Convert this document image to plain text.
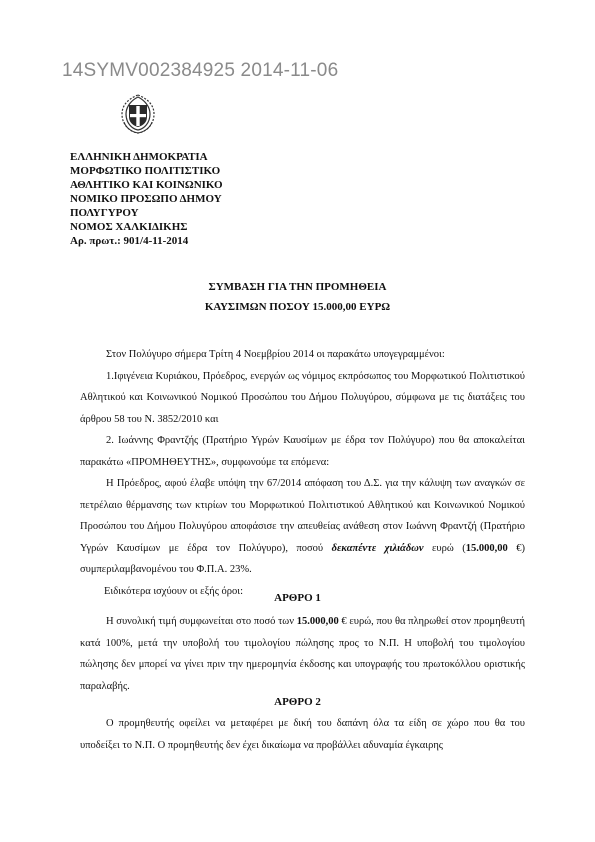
14SYMV002384925 2014-11-06
ΕΛΛΗΝΙΚΗ ΔΗΜΟΚΡΑΤΙΑ
ΜΟΡΦΩΤΙΚΟ ΠΟΛΙΤΙΣΤΙΚΟ
ΑΘΛΗΤΙΚΟ ΚΑΙ ΚΟΙΝΩΝΙΚΟ
ΝΟΜΙΚΟ ΠΡΟΣΩΠΟ ΔΗΜΟΥ
ΠΟΛΥΓΥΡΟΥ
ΝΟΜΟΣ ΧΑΛΚΙΔΙΚΗΣ
Αρ. πρωτ.: 901/4-11-2014
ΣΥΜΒΑΣΗ ΓΙΑ ΤΗΝ ΠΡΟΜΗΘΕΙΑ
ΚΑΥΣΙΜΩΝ ΠΟΣΟΥ 15.000,00 ΕΥΡΩ

Στον Πολύγυρο σήμερα Τρίτη 4 Νοεμβρίου 2014 οι παρακάτω υπογεγραμμένοι:

1.Ιφιγένεια Κυριάκου, Πρόεδρος, ενεργών ως νόμιμος εκπρόσωπος του Μορφωτικού Πολιτιστικού Αθλητικού και Κοινωνικού Νομικού Προσώπου του Δήμου Πολυγύρου, σύμφωνα με τις διατάξεις του άρθρου 58 του Ν. 3852/2010 και

2. Ιωάννης Φραντζής (Πρατήριο Υγρών Καυσίμων με έδρα τον Πολύγυρο) που θα αποκαλείται παρακάτω «ΠΡΟΜΗΘΕΥΤΗΣ», συμφωνούμε τα επόμενα:

Η Πρόεδρος, αφού έλαβε υπόψη την 67/2014 απόφαση του Δ.Σ. για την κάλυψη των αναγκών σε πετρέλαιο θέρμανσης των κτιρίων του Μορφωτικού Πολιτιστικού Αθλητικού και Κοινωνικού Νομικού Προσώπου του Δήμου Πολυγύρου αποφάσισε την απευθείας ανάθεση στον Ιωάννη Φραντζή (Πρατήριο Υγρών Καυσίμων με έδρα τον Πολύγυρο), ποσού δεκαπέντε χιλιάδων ευρώ (15.000,00 €) συμπεριλαμβανομένου του Φ.Π.Α. 23%.

Ειδικότερα ισχύουν οι εξής όροι:

ΑΡΘΡΟ 1

Η συνολική τιμή συμφωνείται στο ποσό των 15.000,00 € ευρώ, που θα πληρωθεί στον προμηθευτή κατά 100%, μετά την υποβολή του τιμολογίου πώλησης προς το Ν.Π. Η υποβολή του τιμολογίου πώλησης δεν μπορεί να γίνει πριν την ημερομηνία έκδοσης και υπογραφής του πρωτοκόλλου οριστικής παραλαβής.

ΑΡΘΡΟ 2

Ο προμηθευτής οφείλει να μεταφέρει με δική του δαπάνη όλα τα είδη σε χώρο που θα του υποδείξει το Ν.Π. Ο προμηθευτής δεν έχει δικαίωμα να προβάλλει αδυναμία έγκαιρης
